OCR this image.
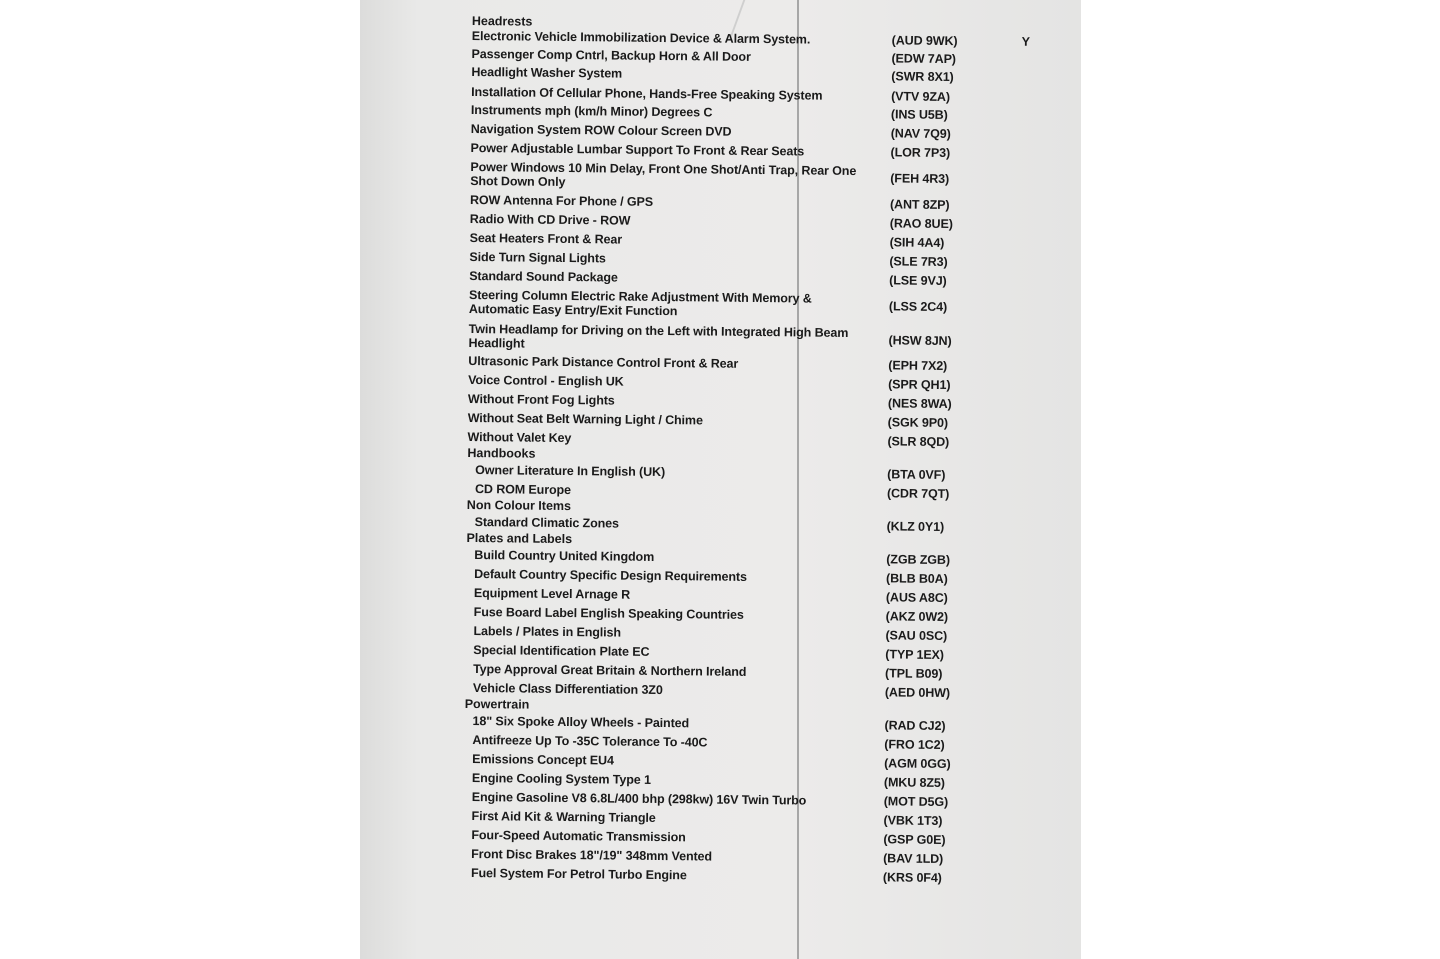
Headrests
Electronic Vehicle Immobilization Device & Alarm System.	(AUD 9WK)	Y
Passenger Comp Cntrl, Backup Horn & All Door	(EDW 7AP)
Headlight Washer System	(SWR 8X1)
Installation Of Cellular Phone, Hands-Free Speaking System	(VTV 9ZA)
Instruments mph (km/h Minor) Degrees C	(INS U5B)
Navigation System ROW Colour Screen DVD	(NAV 7Q9)
Power Adjustable Lumbar Support To Front & Rear Seats	(LOR 7P3)
Power Windows 10 Min Delay, Front One Shot/Anti Trap, Rear One Shot Down Only	(FEH 4R3)
ROW Antenna For Phone / GPS	(ANT 8ZP)
Radio With CD Drive - ROW	(RAO 8UE)
Seat Heaters Front & Rear	(SIH 4A4)
Side Turn Signal Lights	(SLE 7R3)
Standard Sound Package	(LSE 9VJ)
Steering Column Electric Rake Adjustment With Memory & Automatic Easy Entry/Exit Function	(LSS 2C4)
Twin Headlamp for Driving on the Left with Integrated High Beam Headlight	(HSW 8JN)
Ultrasonic Park Distance Control Front & Rear	(EPH 7X2)
Voice Control - English UK	(SPR QH1)
Without Front Fog Lights	(NES 8WA)
Without Seat Belt Warning Light / Chime	(SGK 9P0)
Without Valet Key	(SLR 8QD)
Handbooks
Owner Literature In English (UK)	(BTA 0VF)
CD ROM Europe	(CDR 7QT)
Non Colour Items
Standard Climatic Zones	(KLZ 0Y1)
Plates and Labels
Build Country United Kingdom	(ZGB ZGB)
Default Country Specific Design Requirements	(BLB B0A)
Equipment Level Arnage R	(AUS A8C)
Fuse Board Label English Speaking Countries	(AKZ 0W2)
Labels / Plates in English	(SAU 0SC)
Special Identification Plate EC	(TYP 1EX)
Type Approval Great Britain & Northern Ireland	(TPL B09)
Vehicle Class Differentiation 3Z0	(AED 0HW)
Powertrain
18" Six Spoke Alloy Wheels - Painted	(RAD CJ2)
Antifreeze Up To -35C Tolerance To -40C	(FRO 1C2)
Emissions Concept EU4	(AGM 0GG)
Engine Cooling System Type 1	(MKU 8Z5)
Engine Gasoline V8 6.8L/400 bhp (298kw) 16V Twin Turbo	(MOT D5G)
First Aid Kit & Warning Triangle	(VBK 1T3)
Four-Speed Automatic Transmission	(GSP G0E)
Front Disc Brakes 18"/19" 348mm Vented	(BAV 1LD)
Fuel System For Petrol Turbo Engine	(KRS 0F4)
